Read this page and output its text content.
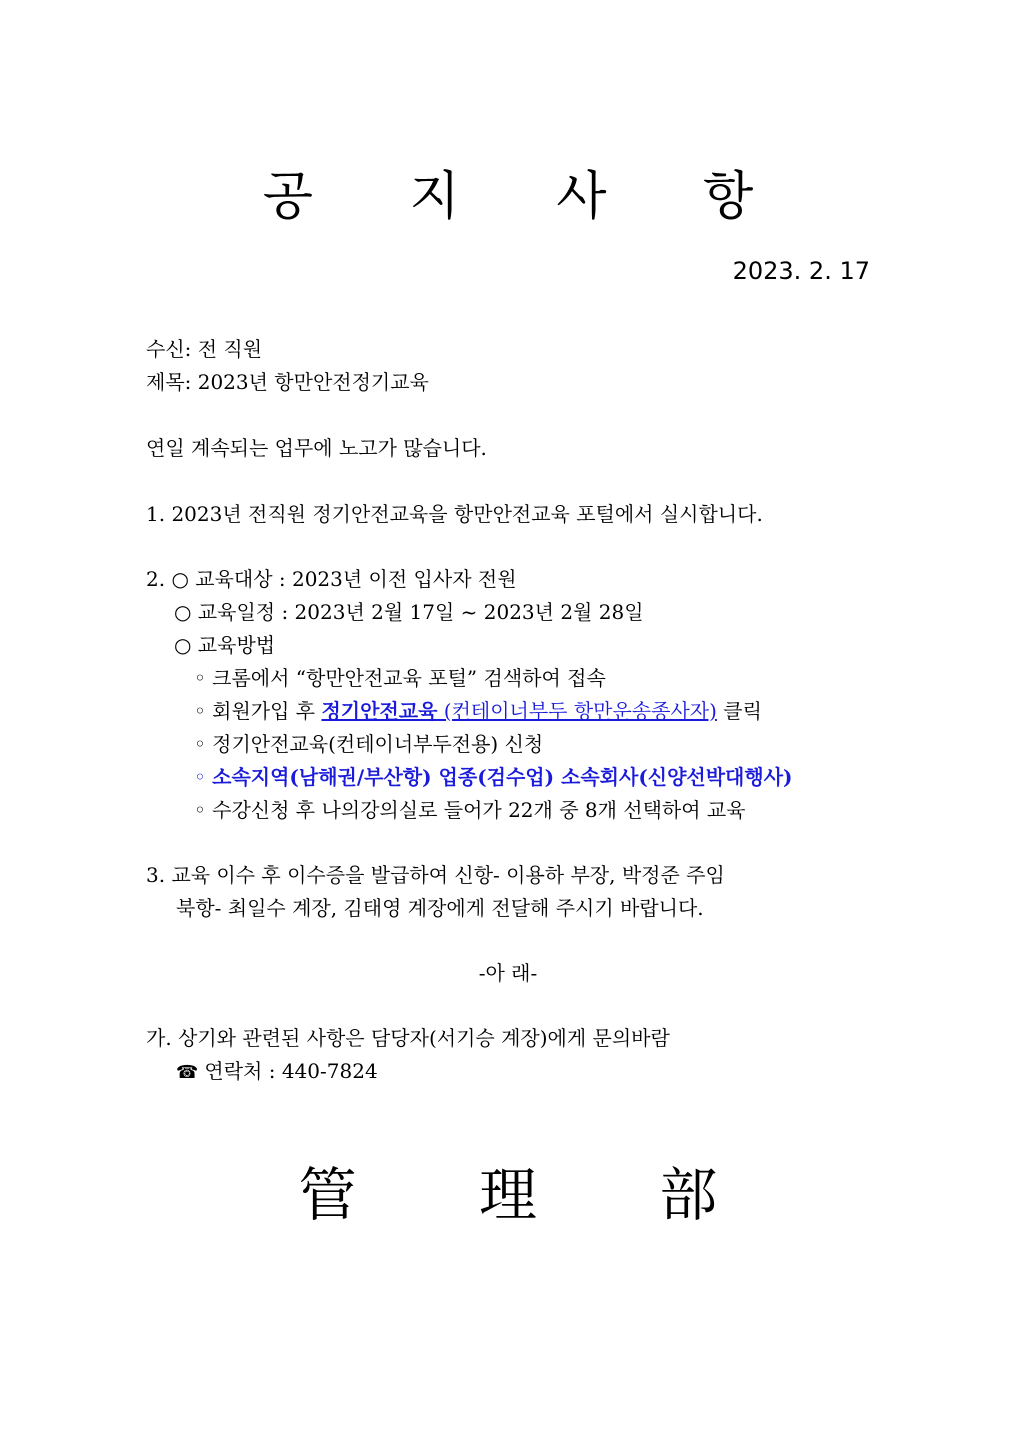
공 지 사 항
2023. 2. 17
수신: 전 직원
제목: 2023년 항만안전정기교육
연일 계속되는 업무에 노고가 많습니다.
1. 2023년 전직원 정기안전교육을 항만안전교육 포털에서 실시합니다.
2. ○ 교육대상 : 2023년 이전 입사자 전원
○ 교육일정 : 2023년 2월 17일 ~ 2023년 2월 28일
○ 교육방법
◦ 크롬에서 “항만안전교육 포털” 검색하여 접속
◦ 회원가입 후 정기안전교육 (컨테이너부두 항만운송종사자) 클릭
◦ 정기안전교육(컨테이너부두전용) 신청
◦ 소속지역(남해권/부산항) 업종(검수업) 소속회사(신양선박대행사)
◦ 수강신청 후 나의강의실로 들어가 22개 중 8개 선택하여 교육
3. 교육 이수 후 이수증을 발급하여 신항- 이용하 부장, 박정준 주임
북항- 최일수 계장, 김태영 계장에게 전달해 주시기 바랍니다.
-아 래-
가. 상기와 관련된 사항은 담당자(서기승 계장)에게 문의바람
☎ 연락처 : 440-7824
管 理 部
